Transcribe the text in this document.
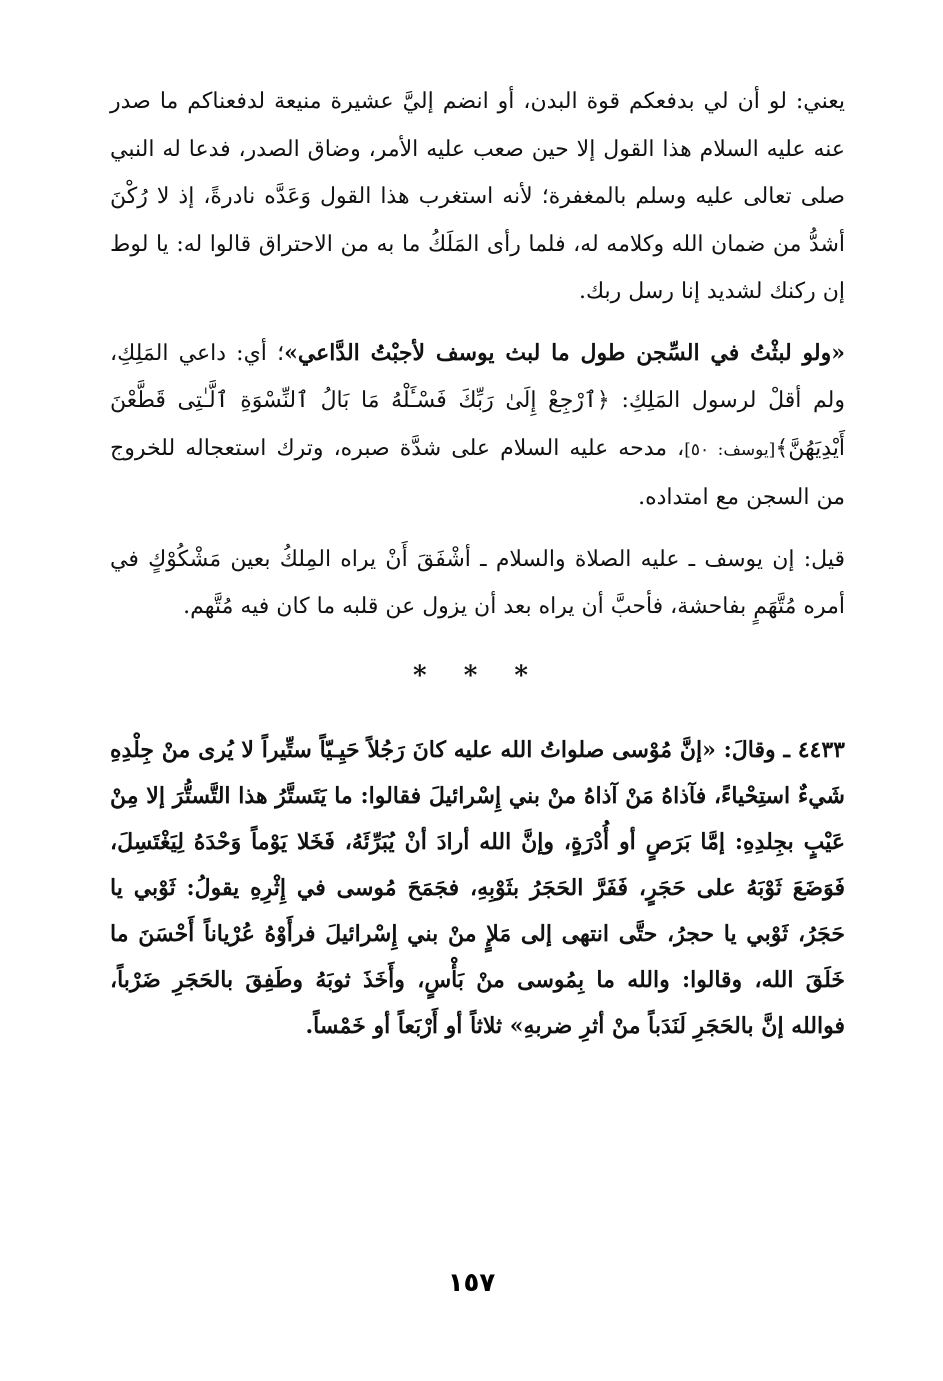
يعني: لو أن لي بدفعكم قوة البدن، أو انضم إليَّ عشيرة منيعة لدفعناكم ما صدر عنه عليه السلام هذا القول إلا حين صعب عليه الأمر، وضاق الصدر، فدعا له النبي صلى تعالى عليه وسلم بالمغفرة؛ لأنه استغرب هذا القول وَعَدَّه نادرةً، إذ لا رُكْنَ أشدُّ من ضمان الله وكلامه له، فلما رأى المَلَكُ ما به من الاحتراق قالوا له: يا لوط إن ركنك لشديد إنا رسل ربك.

«ولو لبثْتُ في السِّجن طول ما لبث يوسف لأجبْتُ الدَّاعي»؛ أي: داعي المَلِكِ، ولم أقلْ لرسول المَلِكِ: ﴿ٱرْجِعْ إِلَىٰ رَبِّكَ فَسْـَٔلْهُ مَا بَالُ ٱلنِّسْوَةِ ٱلَّـٰتِى قَطَّعْنَ أَيْدِيَهُنَّ﴾[يوسف: ٥٠]، مدحه عليه السلام على شدَّة صبره، وترك استعجاله للخروج من السجن مع امتداده.

قيل: إن يوسف ـ عليه الصلاة والسلام ـ أشْفَقَ أَنْ يراه المِلكُ بعين مَشْكُوْكٍ في أمره مُتَّهَمٍ بفاحشة، فأحبَّ أن يراه بعد أن يزول عن قلبه ما كان فيه مُتَّهم.

* * *

٤٤٣٣ ـ وقالَ: «إنَّ مُوْسى صلواتُ الله عليه كانَ رَجُلاً حَيِـيّاً ستِّيراً لا يُرى منْ جِلْدِهِ شَيءٌ استِحْياءً، فآذاهُ مَنْ آذاهُ منْ بني إِسْرائيلَ فقالوا: ما يَتَستَّرُ هذا التَّستُّرَ إلا مِنْ عَيْبٍ بجِلدِهِ: إمَّا بَرَصٍ أو أُدْرَةٍ، وإنَّ الله أرادَ أنْ يُبَرِّئَهُ، فَخَلا يَوْماً وَحْدَهُ لِيَغْتَسِلَ، فَوَضَعَ ثَوْبَهُ على حَجَرٍ، فَفَرَّ الحَجَرُ بثَوْبِهِ، فجَمَحَ مُوسى في إِثْرِهِ يقولُ: ثَوْبي يا حَجَرُ، ثَوْبي يا حجرُ، حتَّى انتهى إلى مَلإٍ منْ بني إِسْرائيلَ فرأَوْهُ عُرْياناً أَحْسَنَ ما خَلَقَ الله، وقالوا: والله ما بِمُوسى منْ بَأْسٍ، وأَخَذَ ثوبَهُ وطَفِقَ بالحَجَرِ ضَرْباً، فوالله إنَّ بالحَجَرِ لَنَدَباً منْ أثرِ ضربهِ» ثلاثاً أو أَرْبَعاً أو خَمْساً.

١٥٧
